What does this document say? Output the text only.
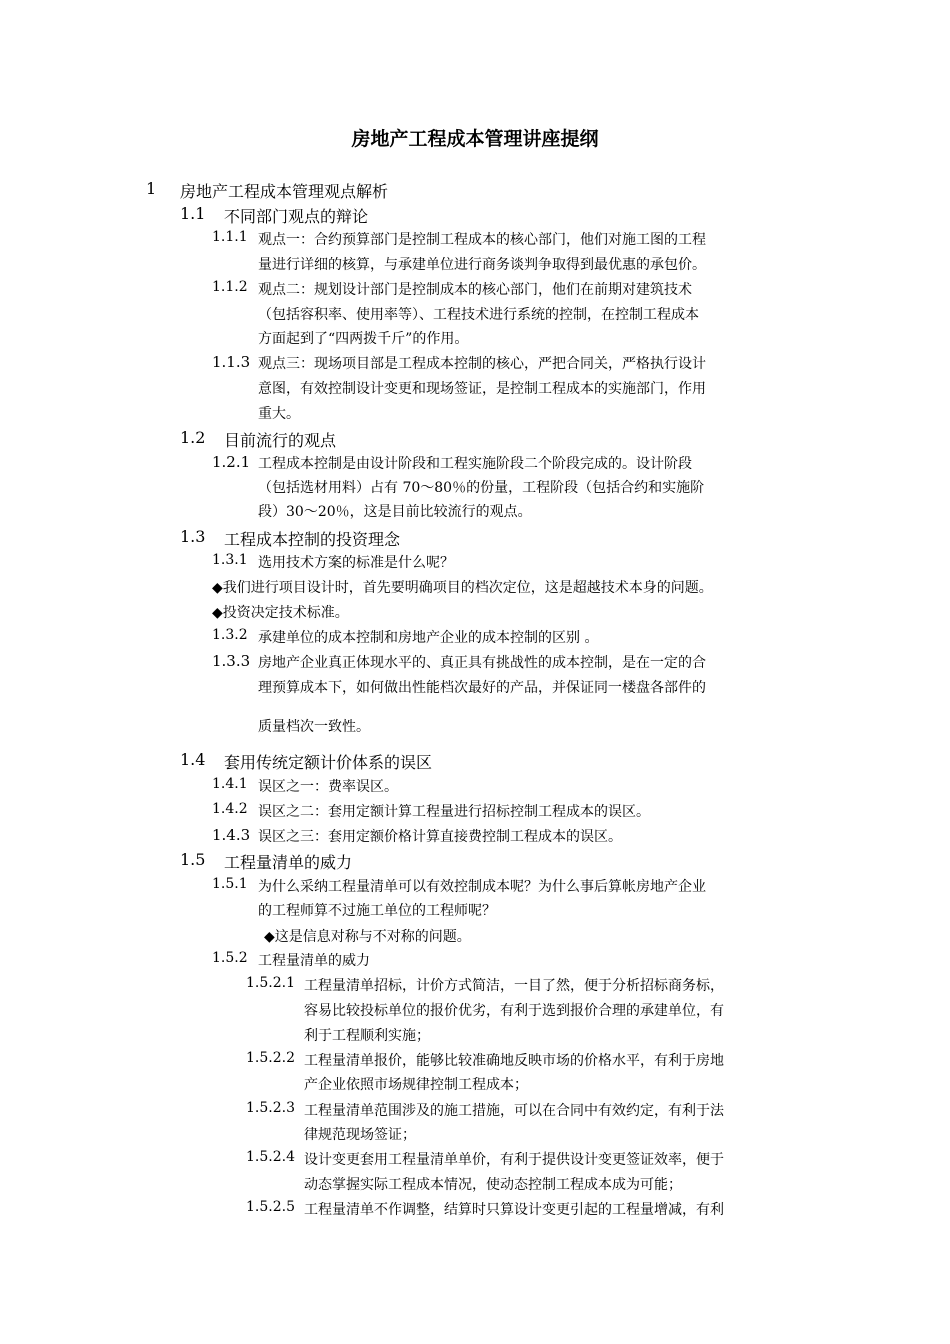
房地产工程成本管理讲座提纲
1 房地产工程成本管理观点解析
1.1 不同部门观点的辩论
1.1.1 观点一：合约预算部门是控制工程成本的核心部门，他们对施工图的工程
量进行详细的核算，与承建单位进行商务谈判争取得到最优惠的承包价。
1.1.2 观点二：规划设计部门是控制成本的核心部门，他们在前期对建筑技术
（包括容积率、使用率等）、工程技术进行系统的控制，在控制工程成本
方面起到了“四两拨千斤”的作用。
1.1.3 观点三：现场项目部是工程成本控制的核心，严把合同关，严格执行设计
意图，有效控制设计变更和现场签证，是控制工程成本的实施部门，作用
重大。
1.2 目前流行的观点
1.2.1 工程成本控制是由设计阶段和工程实施阶段二个阶段完成的。设计阶段
（包括选材用料）占有 70～80％的份量，工程阶段（包括合约和实施阶
段）30～20％，这是目前比较流行的观点。
1.3 工程成本控制的投资理念
1.3.1 选用技术方案的标准是什么呢？
◆我们进行项目设计时，首先要明确项目的档次定位，这是超越技术本身的问题。
◆投资决定技术标准。
1.3.2 承建单位的成本控制和房地产企业的成本控制的区别 。
1.3.3 房地产企业真正体现水平的、真正具有挑战性的成本控制，是在一定的合
理预算成本下，如何做出性能档次最好的产品，并保证同一楼盘各部件的
质量档次一致性。
1.4 套用传统定额计价体系的误区
1.4.1 误区之一：费率误区。
1.4.2 误区之二：套用定额计算工程量进行招标控制工程成本的误区。
1.4.3 误区之三：套用定额价格计算直接费控制工程成本的误区。
1.5 工程量清单的威力
1.5.1 为什么采纳工程量清单可以有效控制成本呢？为什么事后算帐房地产企业
的工程师算不过施工单位的工程师呢？
◆这是信息对称与不对称的问题。
1.5.2 工程量清单的威力
1.5.2.1 工程量清单招标，计价方式简洁，一目了然，便于分析招标商务标，
容易比较投标单位的报价优劣，有利于选到报价合理的承建单位，有
利于工程顺利实施；
1.5.2.2 工程量清单报价，能够比较准确地反映市场的价格水平，有利于房地
产企业依照市场规律控制工程成本；
1.5.2.3 工程量清单范围涉及的施工措施，可以在合同中有效约定，有利于法
律规范现场签证；
1.5.2.4 设计变更套用工程量清单单价，有利于提供设计变更签证效率，便于
动态掌握实际工程成本情况，使动态控制工程成本成为可能；
1.5.2.5 工程量清单不作调整，结算时只算设计变更引起的工程量增减，有利
